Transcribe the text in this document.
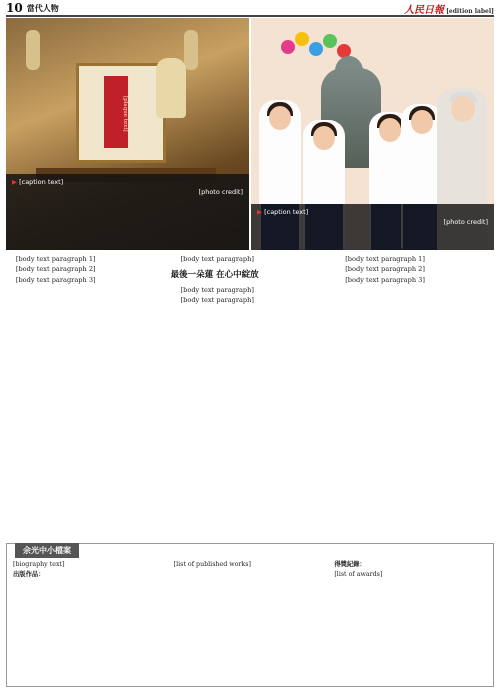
10 當代人物	人民日報 [edition label]
[plaque text]
▶ [caption text]
[photo credit]
▶ [caption text]
[photo credit]

[body text paragraph 1]

[body text paragraph 2]

[body text paragraph 3]

[body text paragraph]

最後一朵蓮 在心中綻放

[body text paragraph]

[body text paragraph]

[body text paragraph 1]

[body text paragraph 2]

[body text paragraph 3]

余光中小檔案
[biography text]
出版作品：
[list of published works]	得獎紀錄：
[list of awards]
